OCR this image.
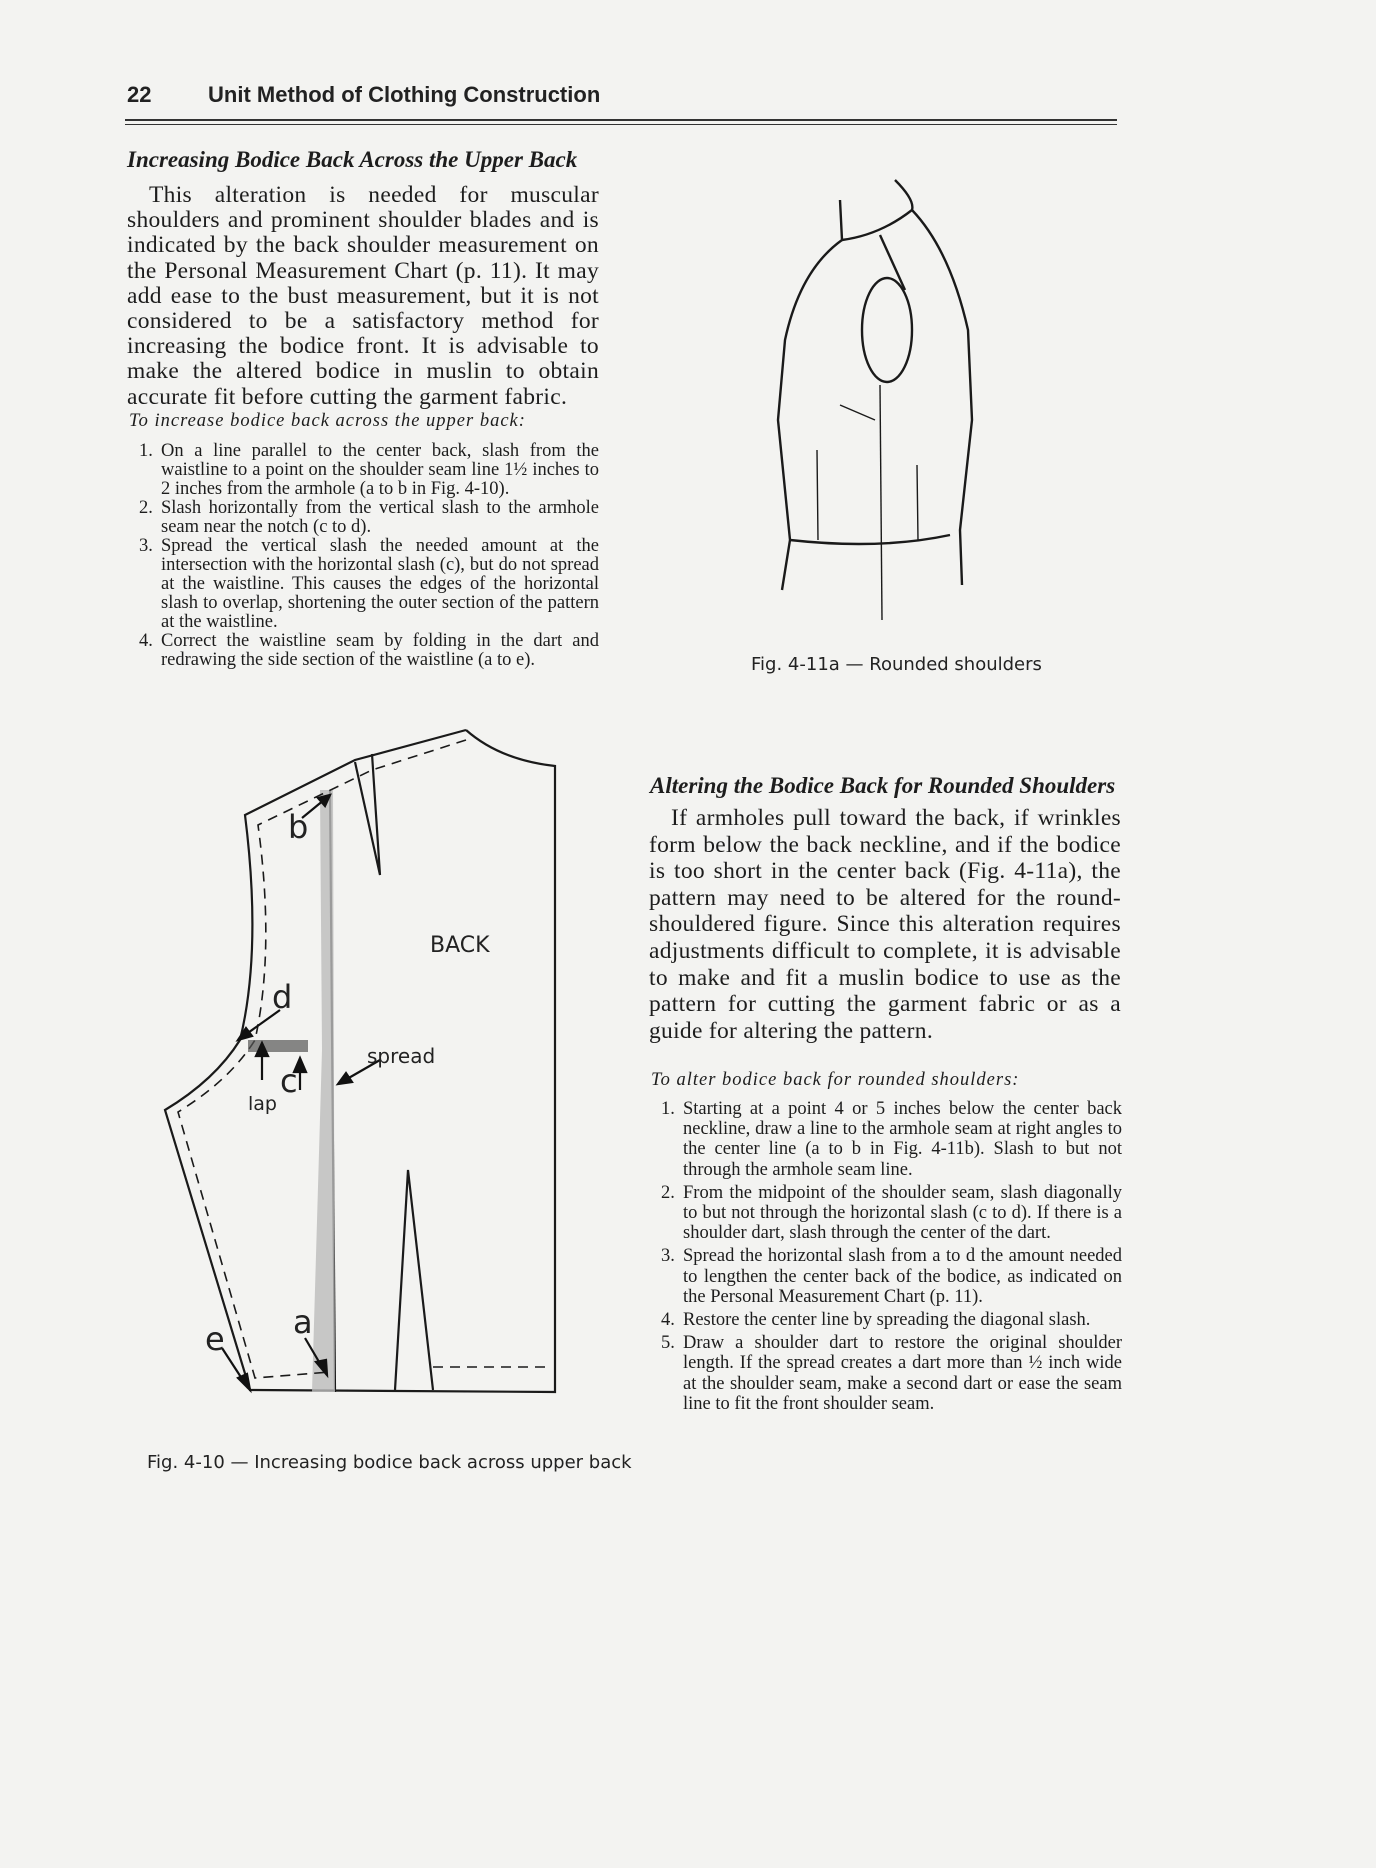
22	Unit Method of Clothing Construction
Increasing Bodice Back Across the Upper Back
This alteration is needed for muscular shoulders and prominent shoulder blades and is indicated by the back shoulder measurement on the Personal Measurement Chart (p. 11). It may add ease to the bust measurement, but it is not considered to be a satisfactory method for increasing the bodice front. It is advisable to make the altered bodice in muslin to obtain accurate fit before cutting the garment fabric.
To increase bodice back across the upper back:
1. On a line parallel to the center back, slash from the waistline to a point on the shoulder seam line 1½ inches to 2 inches from the armhole (a to b in Fig. 4-10).
2. Slash horizontally from the vertical slash to the armhole seam near the notch (c to d).
3. Spread the vertical slash the needed amount at the intersection with the horizontal slash (c), but do not spread at the waistline. This causes the edges of the horizontal slash to overlap, shortening the outer section of the pattern at the waistline.
4. Correct the waistline seam by folding in the dart and redrawing the side section of the waistline (a to e).
b
d
BACK
spread
c
lap
a
e
Fig. 4-10 — Increasing bodice back across upper back
Fig. 4-11a — Rounded shoulders
Altering the Bodice Back for Rounded Shoulders
If armholes pull toward the back, if wrinkles form below the back neckline, and if the bodice is too short in the center back (Fig. 4-11a), the pattern may need to be altered for the round-shouldered figure. Since this alteration requires adjustments difficult to complete, it is advisable to make and fit a muslin bodice to use as the pattern for cutting the garment fabric or as a guide for altering the pattern.
To alter bodice back for rounded shoulders:
1. Starting at a point 4 or 5 inches below the center back neckline, draw a line to the armhole seam at right angles to the center line (a to b in Fig. 4-11b). Slash to but not through the armhole seam line.
2. From the midpoint of the shoulder seam, slash diagonally to but not through the horizontal slash (c to d). If there is a shoulder dart, slash through the center of the dart.
3. Spread the horizontal slash from a to d the amount needed to lengthen the center back of the bodice, as indicated on the Personal Measurement Chart (p. 11).
4. Restore the center line by spreading the diagonal slash.
5. Draw a shoulder dart to restore the original shoulder length. If the spread creates a dart more than ½ inch wide at the shoulder seam, make a second dart or ease the seam line to fit the front shoulder seam.
